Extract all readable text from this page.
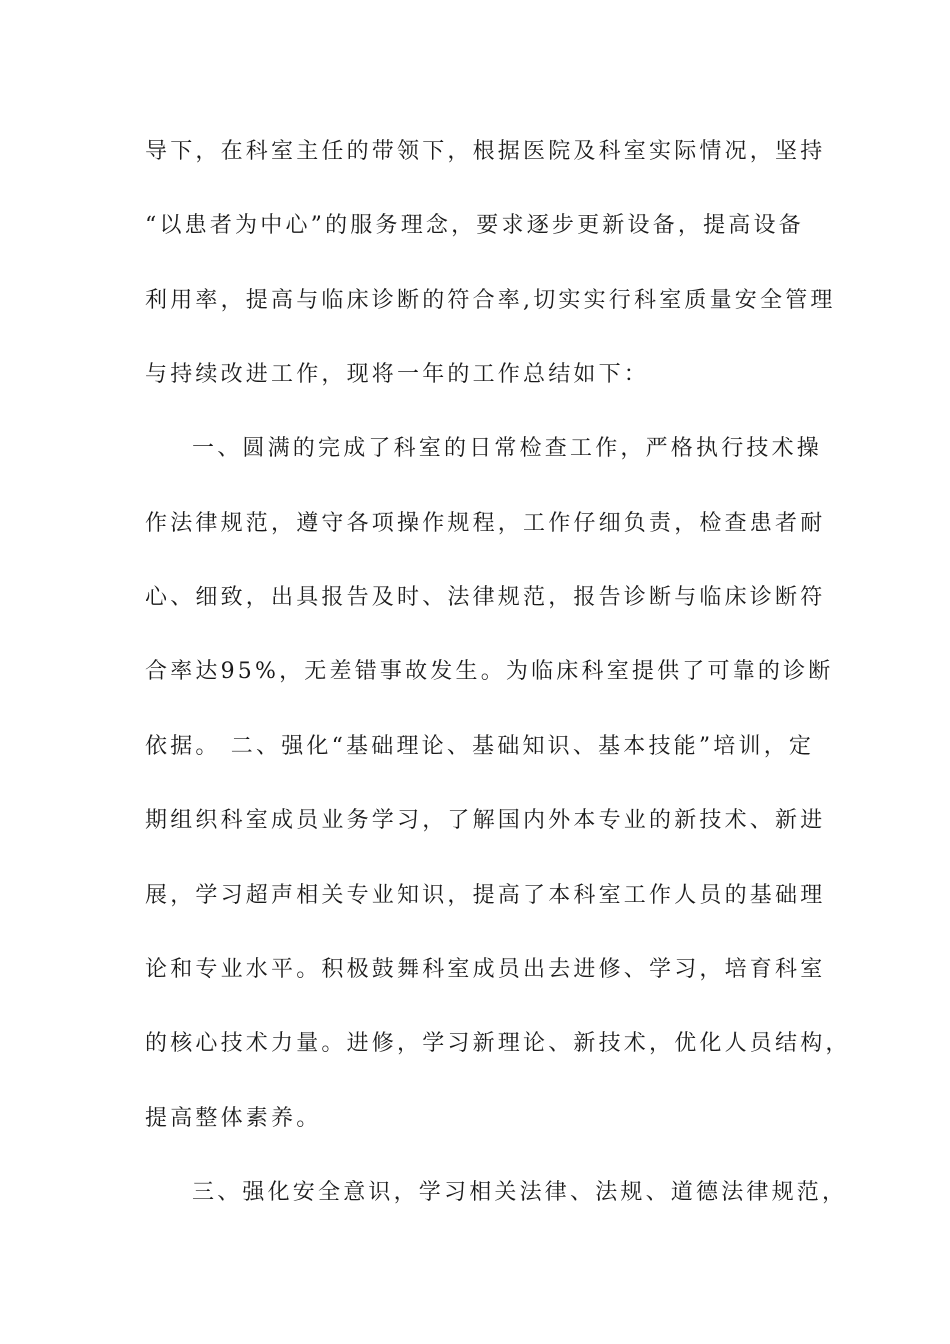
导下，在科室主任的带领下，根据医院及科室实际情况，坚持
“以患者为中心”的服务理念，要求逐步更新设备，提高设备
利用率，提高与临床诊断的符合率,切实实行科室质量安全管理
与持续改进工作，现将一年的工作总结如下：
一、圆满的完成了科室的日常检查工作，严格执行技术操
作法律规范，遵守各项操作规程，工作仔细负责，检查患者耐
心、细致，出具报告及时、法律规范，报告诊断与临床诊断符
合率达95%，无差错事故发生。为临床科室提供了可靠的诊断
依据。 二、强化“基础理论、基础知识、基本技能”培训，定
期组织科室成员业务学习，了解国内外本专业的新技术、新进
展，学习超声相关专业知识，提高了本科室工作人员的基础理
论和专业水平。积极鼓舞科室成员出去进修、学习，培育科室
的核心技术力量。进修，学习新理论、新技术，优化人员结构，
提高整体素养。
三、强化安全意识，学习相关法律、法规、道德法律规范，
